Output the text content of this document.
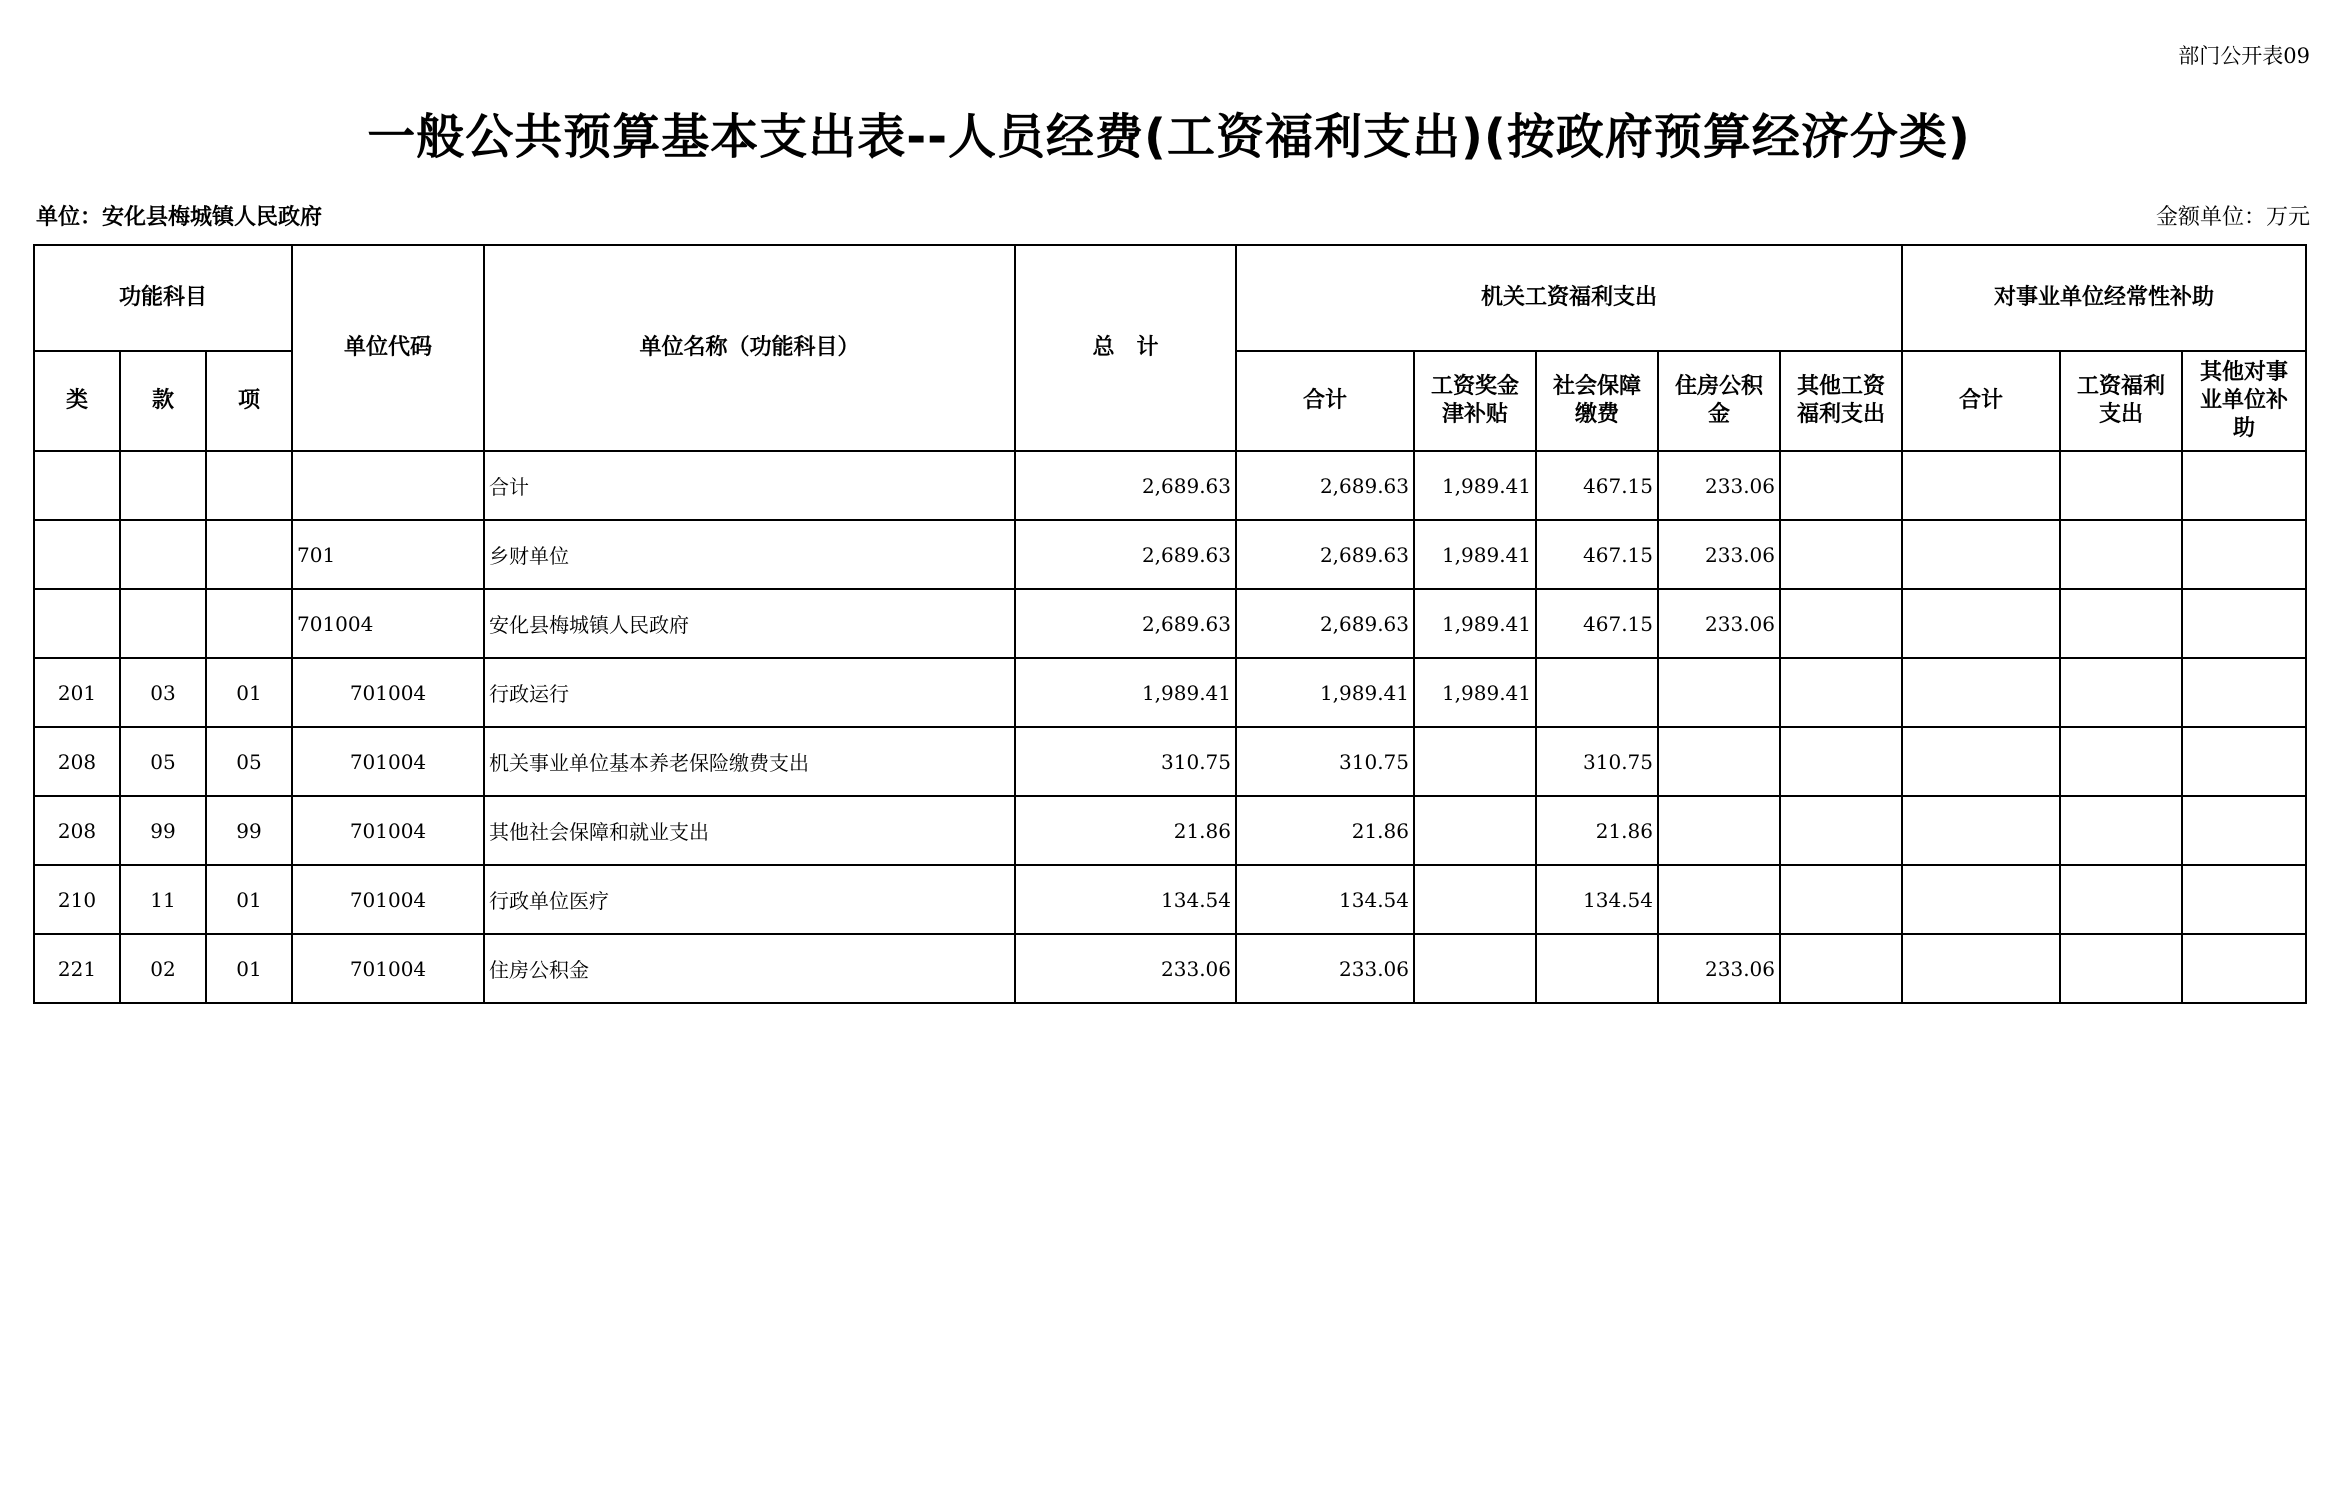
部门公开表09
一般公共预算基本支出表--人员经费(工资福利支出)(按政府预算经济分类)
单位：安化县梅城镇人民政府	金额单位：万元
功能科目			单位代码	单位名称（功能科目）	总　计	机关工资福利支出					对事业单位经常性补助		
类	款	项				合计	工资奖金津补贴	社会保障缴费	住房公积金	其他工资福利支出	合计	工资福利支出	其他对事业单位补助
				合计	2,689.63	2,689.63	1,989.41	467.15	233.06				
			701	乡财单位	2,689.63	2,689.63	1,989.41	467.15	233.06				
			701004	安化县梅城镇人民政府	2,689.63	2,689.63	1,989.41	467.15	233.06				
201	03	01	701004	行政运行	1,989.41	1,989.41	1,989.41						
208	05	05	701004	机关事业单位基本养老保险缴费支出	310.75	310.75		310.75					
208	99	99	701004	其他社会保障和就业支出	21.86	21.86		21.86					
210	11	01	701004	行政单位医疗	134.54	134.54		134.54					
221	02	01	701004	住房公积金	233.06	233.06			233.06				
